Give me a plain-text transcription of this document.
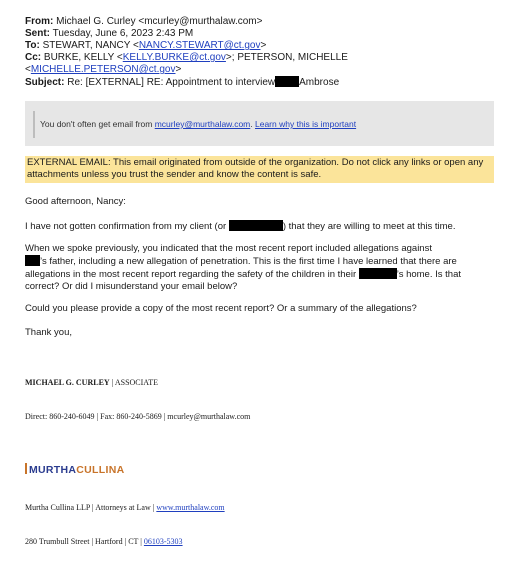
From: Michael G. Curley <mcurley@murthalaw.com>
Sent: Tuesday, June 6, 2023 2:43 PM
To: STEWART, NANCY <NANCY.STEWART@ct.gov>
Cc: BURKE, KELLY <KELLY.BURKE@ct.gov>; PETERSON, MICHELLE
<MICHELLE.PETERSON@ct.gov>
Subject: Re: [EXTERNAL] RE: Appointment to interview Ambrose
You don't often get email from mcurley@murthalaw.com. Learn why this is important
EXTERNAL EMAIL: This email originated from outside of the organization. Do not click any links or open any attachments unless you trust the sender and know the content is safe.
Good afternoon, Nancy:
I have not gotten confirmation from my client (or	) that they are willing to meet at this time.
When we spoke previously, you indicated that the most recent report included allegations against
’s father, including a new allegation of penetration. This is the first time I have learned that there are allegations in the most recent report regarding the safety of the children in their	’s home. Is that correct? Or did I misunderstand your email below?
Could you please provide a copy of the most recent report? Or a summary of the allegations?
Thank you,
MICHAEL G. CURLEY | ASSOCIATE
Direct: 860-240-6049 | Fax: 860-240-5869 | mcurley@murthalaw.com
MURTHACULLINA
Murtha Cullina LLP | Attorneys at Law | www.murthalaw.com
280 Trumbull Street | Hartford | CT | 06103-5303
